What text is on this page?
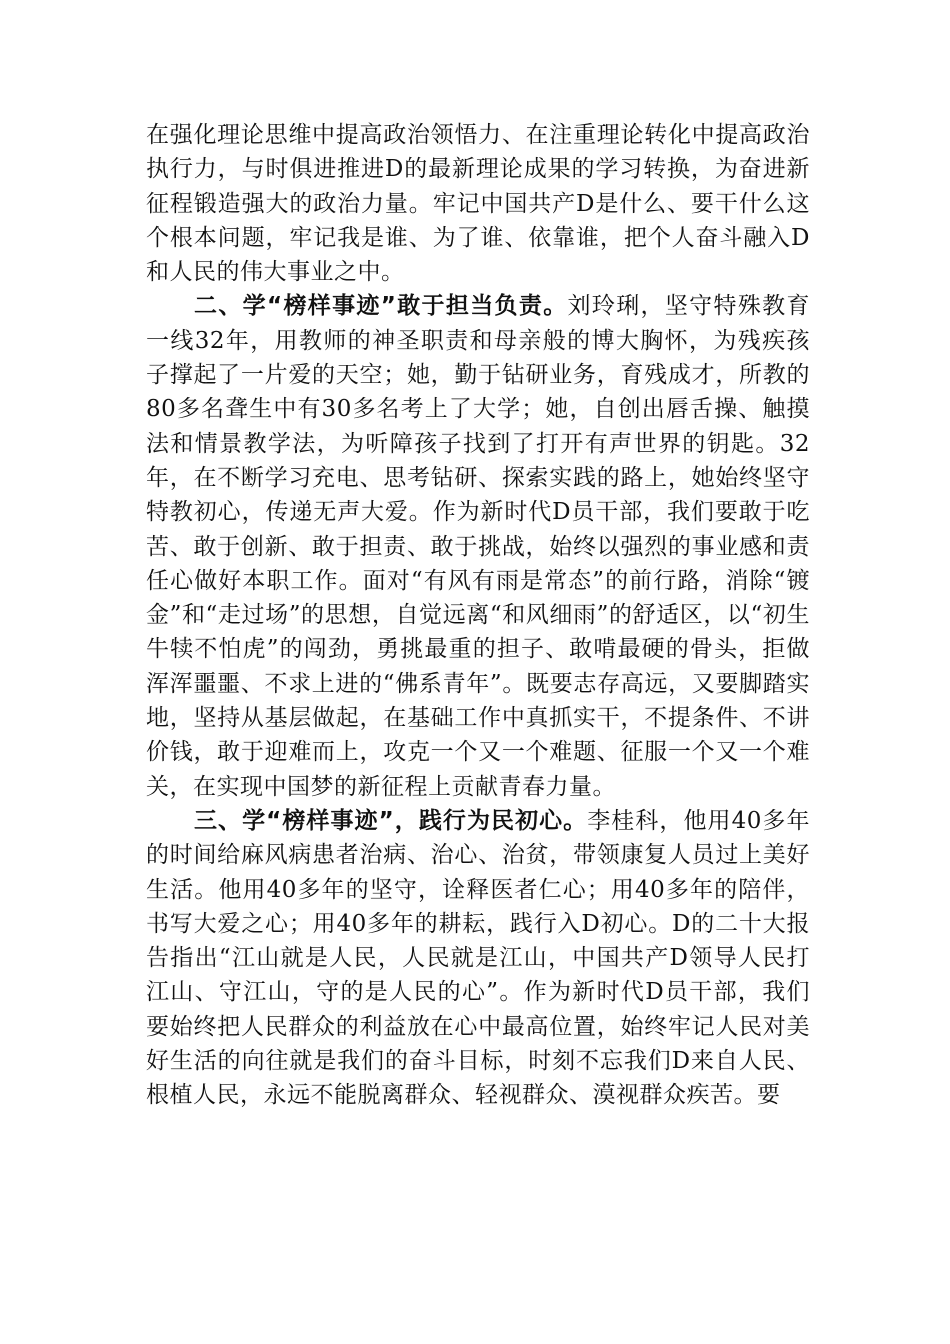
在强化理论思维中提高政治领悟力、在注重理论转化中提高政治执行力，与时俱进推进D的最新理论成果的学习转换，为奋进新征程锻造强大的政治力量。牢记中国共产D是什么、要干什么这个根本问题，牢记我是谁、为了谁、依靠谁，把个人奋斗融入D和人民的伟大事业之中。

二、学“榜样事迹”敢于担当负责。刘玲琍，坚守特殊教育一线32年，用教师的神圣职责和母亲般的博大胸怀，为残疾孩子撑起了一片爱的天空；她，勤于钻研业务，育残成才，所教的80多名聋生中有30多名考上了大学；她，自创出唇舌操、触摸法和情景教学法，为听障孩子找到了打开有声世界的钥匙。32年，在不断学习充电、思考钻研、探索实践的路上，她始终坚守特教初心，传递无声大爱。作为新时代D员干部，我们要敢于吃苦、敢于创新、敢于担责、敢于挑战，始终以强烈的事业感和责任心做好本职工作。面对“有风有雨是常态”的前行路，消除“镀金”和“走过场”的思想，自觉远离“和风细雨”的舒适区，以“初生牛犊不怕虎”的闯劲，勇挑最重的担子、敢啃最硬的骨头，拒做浑浑噩噩、不求上进的“佛系青年”。既要志存高远，又要脚踏实地，坚持从基层做起，在基础工作中真抓实干，不提条件、不讲价钱，敢于迎难而上，攻克一个又一个难题、征服一个又一个难关，在实现中国梦的新征程上贡献青春力量。

三、学“榜样事迹”，践行为民初心。李桂科，他用40多年的时间给麻风病患者治病、治心、治贫，带领康复人员过上美好生活。他用40多年的坚守，诠释医者仁心；用40多年的陪伴，书写大爱之心；用40多年的耕耘，践行入D初心。D的二十大报告指出“江山就是人民，人民就是江山，中国共产D领导人民打江山、守江山，守的是人民的心”。作为新时代D员干部，我们要始终把人民群众的利益放在心中最高位置，始终牢记人民对美好生活的向往就是我们的奋斗目标，时刻不忘我们D来自人民、根植人民，永远不能脱离群众、轻视群众、漠视群众疾苦。要
